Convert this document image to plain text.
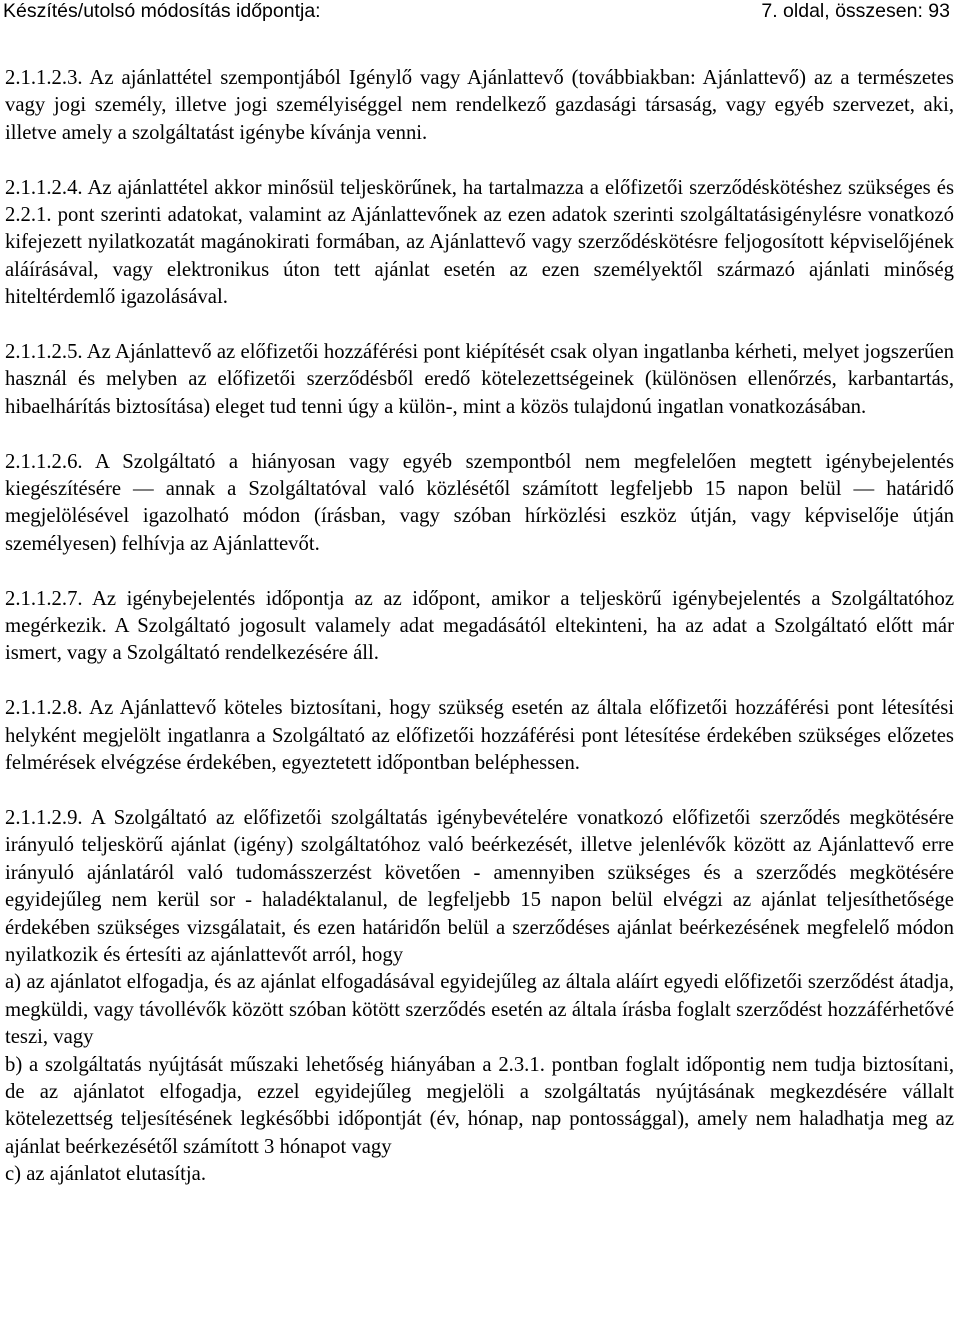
Készítés/utolsó módosítás időpontja:	7. oldal, összesen: 93

2.1.1.2.3. Az ajánlattétel szempontjából Igénylő vagy Ajánlattevő (továbbiakban: Ajánlattevő) az a természetes vagy jogi személy, illetve jogi személyiséggel nem rendelkező gazdasági társaság, vagy egyéb szervezet, aki, illetve amely a szolgáltatást igénybe kívánja venni.

2.1.1.2.4. Az ajánlattétel akkor minősül teljeskörűnek, ha tartalmazza a előfizetői szerződéskötéshez szükséges és 2.2.1. pont szerinti adatokat, valamint az Ajánlattevőnek az ezen adatok szerinti szolgáltatásigénylésre vonatkozó kifejezett nyilatkozatát magánokirati formában, az Ajánlattevő vagy szerződéskötésre feljogosított képviselőjének aláírásával, vagy elektronikus úton tett ajánlat esetén az ezen személyektől származó ajánlati minőség hiteltérdemlő igazolásával.

2.1.1.2.5. Az Ajánlattevő az előfizetői hozzáférési pont kiépítését csak olyan ingatlanba kérheti, melyet jogszerűen használ és melyben az előfizetői szerződésből eredő kötelezettségeinek (különösen ellenőrzés, karbantartás, hibaelhárítás biztosítása) eleget tud tenni úgy a külön-, mint a közös tulajdonú ingatlan vonatkozásában.

2.1.1.2.6. A Szolgáltató a hiányosan vagy egyéb szempontból nem megfelelően megtett igénybejelentés kiegészítésére — annak a Szolgáltatóval való közlésétől számított legfeljebb 15 napon belül — határidő megjelölésével igazolható módon (írásban, vagy szóban hírközlési eszköz útján, vagy képviselője útján személyesen) felhívja az Ajánlattevőt.

2.1.1.2.7. Az igénybejelentés időpontja az az időpont, amikor a teljeskörű igénybejelentés a Szolgáltatóhoz megérkezik. A Szolgáltató jogosult valamely adat megadásától eltekinteni, ha az adat a Szolgáltató előtt már ismert, vagy a Szolgáltató rendelkezésére áll.

2.1.1.2.8. Az Ajánlattevő köteles biztosítani, hogy szükség esetén az általa előfizetői hozzáférési pont létesítési helyként megjelölt ingatlanra a Szolgáltató az előfizetői hozzáférési pont létesítése érdekében szükséges előzetes felmérések elvégzése érdekében, egyeztetett időpontban beléphessen.

2.1.1.2.9. A Szolgáltató az előfizetői szolgáltatás igénybevételére vonatkozó előfizetői szerződés megkötésére irányuló teljeskörű ajánlat (igény) szolgáltatóhoz való beérkezését, illetve jelenlévők között az Ajánlattevő erre irányuló ajánlatáról való tudomásszerzést követően - amennyiben szükséges és a szerződés megkötésére egyidejűleg nem kerül sor - haladéktalanul, de legfeljebb 15 napon belül elvégzi az ajánlat teljesíthetősége érdekében szükséges vizsgálatait, és ezen határidőn belül a szerződéses ajánlat beérkezésének megfelelő módon nyilatkozik és értesíti az ajánlattevőt arról, hogy
a) az ajánlatot elfogadja, és az ajánlat elfogadásával egyidejűleg az általa aláírt egyedi előfizetői szerződést átadja, megküldi, vagy távollévők között szóban kötött szerződés esetén az általa írásba foglalt szerződést hozzáférhetővé teszi, vagy
b) a szolgáltatás nyújtását műszaki lehetőség hiányában a 2.3.1. pontban foglalt időpontig nem tudja biztosítani, de az ajánlatot elfogadja, ezzel egyidejűleg megjelöli a szolgáltatás nyújtásának megkezdésére vállalt kötelezettség teljesítésének legkésőbbi időpontját (év, hónap, nap pontossággal), amely nem haladhatja meg az ajánlat beérkezésétől számított 3 hónapot vagy
c) az ajánlatot elutasítja.
